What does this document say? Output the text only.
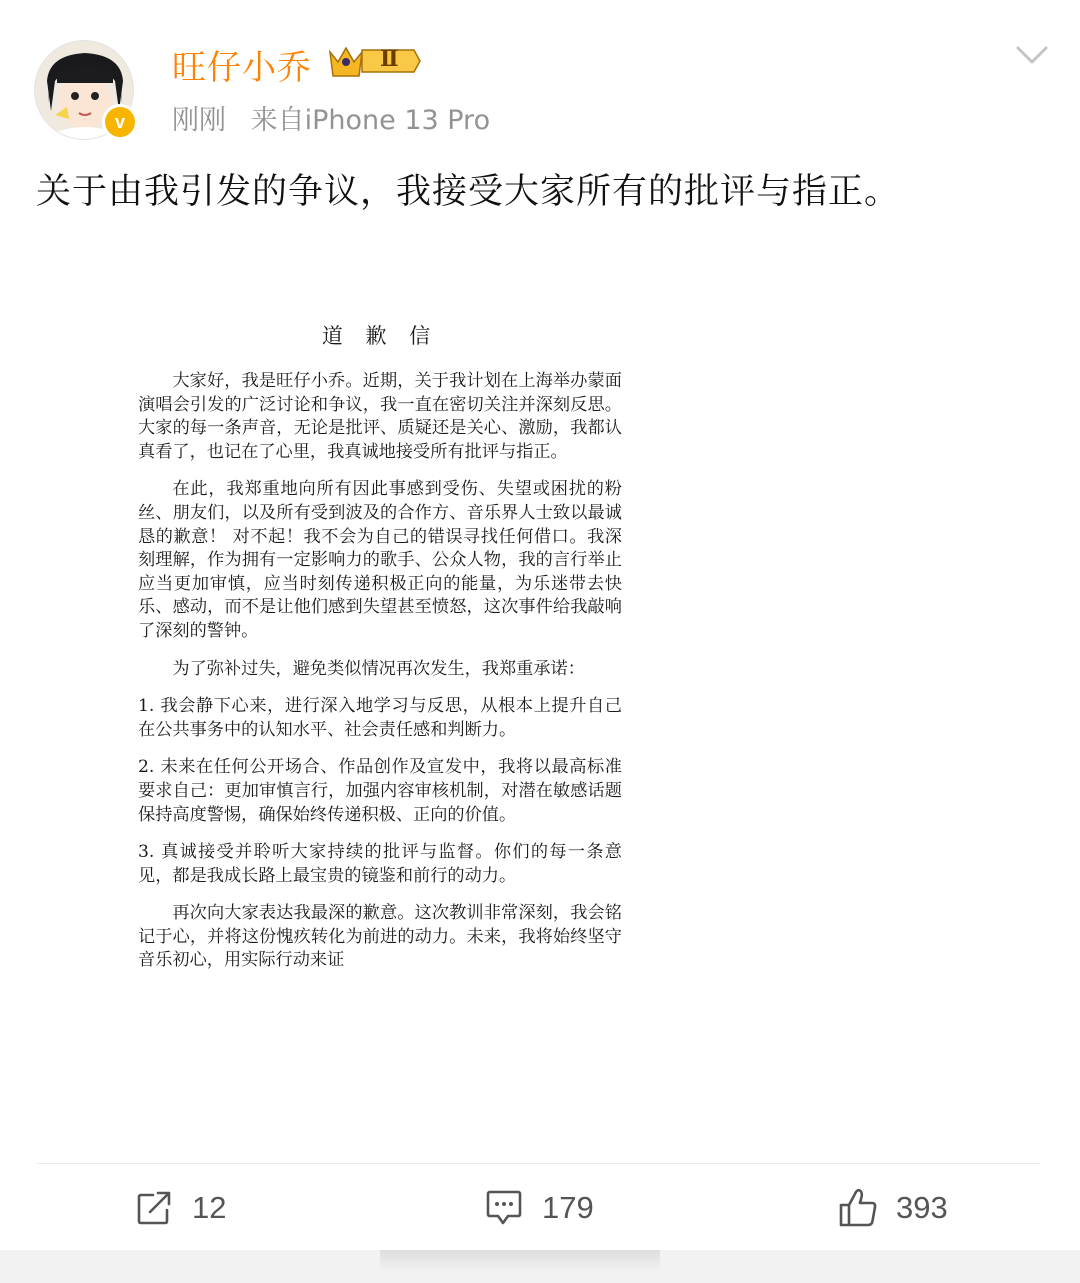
v
旺仔小乔	Ⅱ
刚刚 来自iPhone 13 Pro
关于由我引发的争议，我接受大家所有的批评与指正。
道 歉 信

大家好，我是旺仔小乔。近期，关于我计划在上海举办蒙面演唱会引发的广泛讨论和争议，我一直在密切关注并深刻反思。大家的每一条声音，无论是批评、质疑还是关心、激励，我都认真看了，也记在了心里，我真诚地接受所有批评与指正。

在此，我郑重地向所有因此事感到受伤、失望或困扰的粉丝、朋友们，以及所有受到波及的合作方、音乐界人士致以最诚恳的歉意！ 对不起！我不会为自己的错误寻找任何借口。我深刻理解，作为拥有一定影响力的歌手、公众人物，我的言行举止应当更加审慎，应当时刻传递积极正向的能量，为乐迷带去快乐、感动，而不是让他们感到失望甚至愤怒，这次事件给我敲响了深刻的警钟。

为了弥补过失，避免类似情况再次发生，我郑重承诺：

1. 我会静下心来，进行深入地学习与反思，从根本上提升自己在公共事务中的认知水平、社会责任感和判断力。

2. 未来在任何公开场合、作品创作及宣发中，我将以最高标准要求自己：更加审慎言行，加强内容审核机制，对潜在敏感话题保持高度警惕，确保始终传递积极、正向的价值。

3. 真诚接受并聆听大家持续的批评与监督。你们的每一条意见，都是我成长路上最宝贵的镜鉴和前行的动力。

再次向大家表达我最深的歉意。这次教训非常深刻，我会铭记于心，并将这份愧疚转化为前进的动力。未来，我将始终坚守音乐初心，用实际行动来证

12	179	393
